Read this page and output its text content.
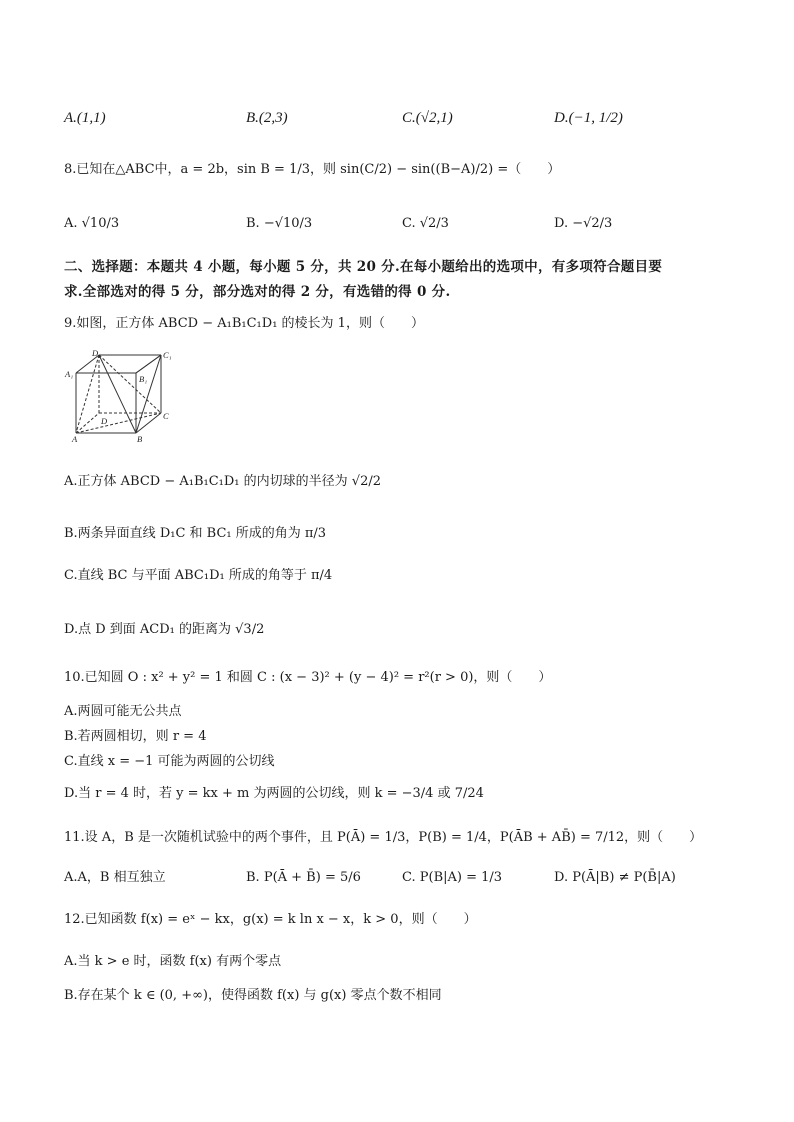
A.(1,1)	B.(2,3)	C.(√2,1)	D.(−1, 1/2)
8.已知在△ABC中，a = 2b，sin B = 1/3，则 sin(C/2) − sin((B−A)/2) =（　　）
A. √10/3	B. −√10/3	C. √2/3	D. −√2/3
二、选择题：本题共 4 小题，每小题 5 分，共 20 分.在每小题给出的选项中，有多项符合题目要
求.全部选对的得 5 分，部分选对的得 2 分，有选错的得 0 分.
9.如图，正方体 ABCD − A₁B₁C₁D₁ 的棱长为 1，则（　　）
D₁	C₁
A₁	B₁
D	C
A	B
A.正方体 ABCD − A₁B₁C₁D₁ 的内切球的半径为 √2/2
B.两条异面直线 D₁C 和 BC₁ 所成的角为 π/3
C.直线 BC 与平面 ABC₁D₁ 所成的角等于 π/4
D.点 D 到面 ACD₁ 的距离为 √3/2
10.已知圆 O : x² + y² = 1 和圆 C : (x − 3)² + (y − 4)² = r²(r > 0)，则（　　）
A.两圆可能无公共点
B.若两圆相切，则 r = 4
C.直线 x = −1 可能为两圆的公切线
D.当 r = 4 时，若 y = kx + m 为两圆的公切线，则 k = −3/4 或 7/24
11.设 A，B 是一次随机试验中的两个事件，且 P(Ā) = 1/3，P(B) = 1/4，P(ĀB + AB̄) = 7/12，则（　　）
A.A，B 相互独立	B. P(Ā + B̄) = 5/6	C. P(B|A) = 1/3	D. P(Ā|B) ≠ P(B̄|A)
12.已知函数 f(x) = eˣ − kx，g(x) = k ln x − x，k > 0，则（　　）
A.当 k > e 时，函数 f(x) 有两个零点
B.存在某个 k ∈ (0, +∞)，使得函数 f(x) 与 g(x) 零点个数不相同
